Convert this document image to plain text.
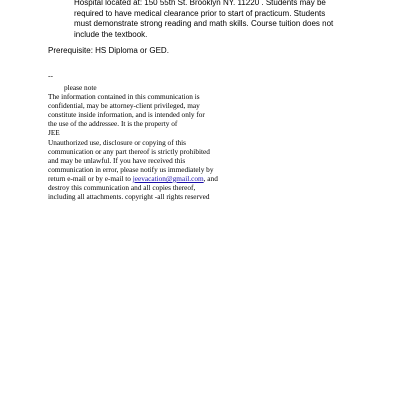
Hospital located at: 150 55th St. Brooklyn NY. 11220 . Students may be
required to have medical clearance prior to start of practicum. Students
must demonstrate strong reading and math skills. Course tuition does not
include the textbook.

Prerequisite: HS Diploma or GED.

--

please note
The information contained in this communication is
confidential, may be attorney-client privileged, may
constitute inside information, and is intended only for
the use of the addressee. It is the property of
JEE
Unauthorized use, disclosure or copying of this
communication or any part thereof is strictly prohibited
and may be unlawful. If you have received this
communication in error, please notify us immediately by
return e-mail or by e-mail to jeevacation@gmail.com, and
destroy this communication and all copies thereof,
including all attachments. copyright -all rights reserved
